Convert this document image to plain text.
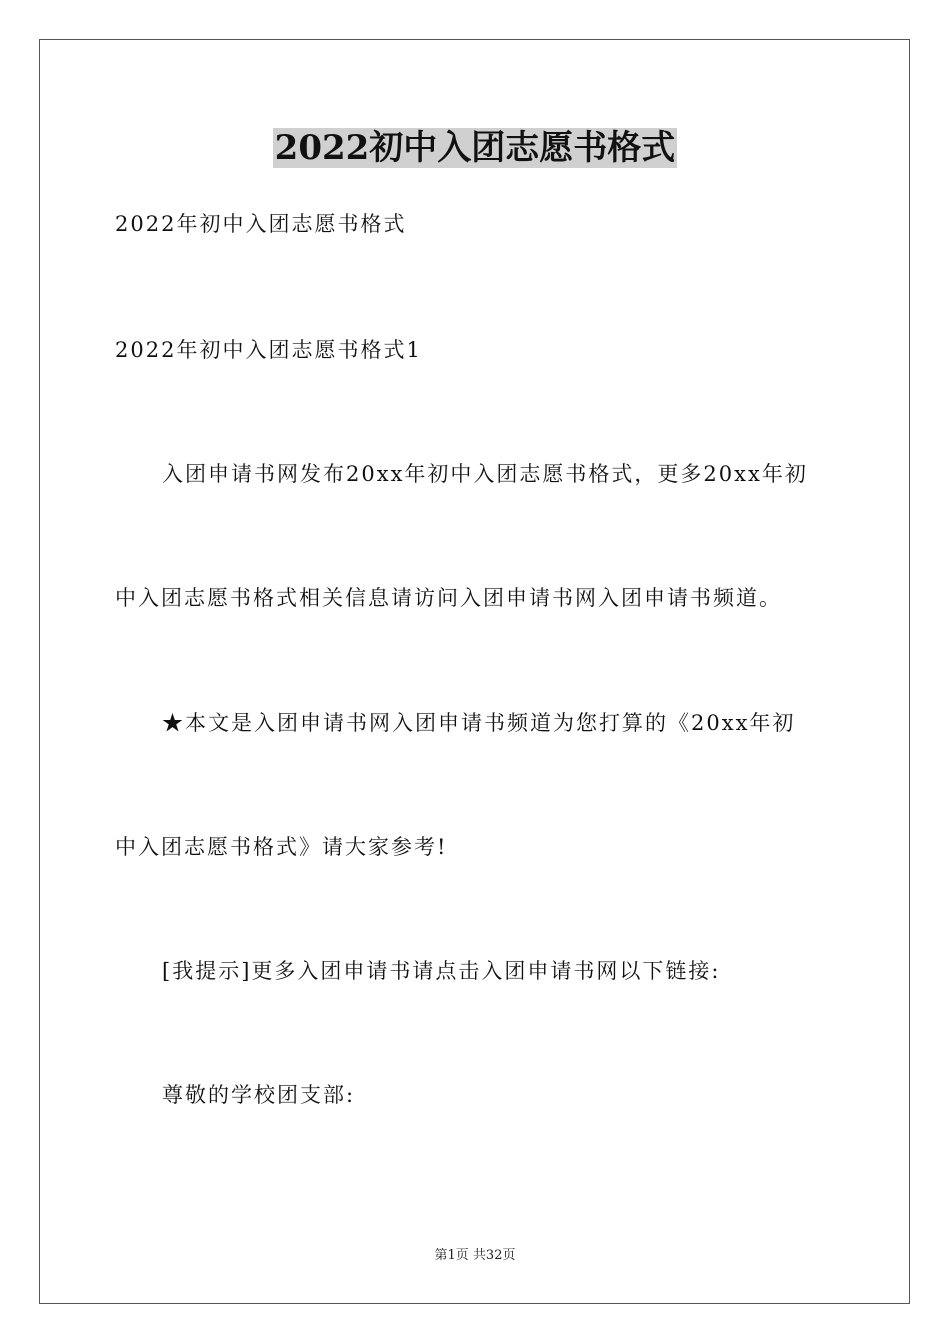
2022初中入团志愿书格式
2022年初中入团志愿书格式
2022年初中入团志愿书格式1
入团申请书网发布20xx年初中入团志愿书格式，更多20xx年初
中入团志愿书格式相关信息请访问入团申请书网入团申请书频道。
★本文是入团申请书网入团申请书频道为您打算的《20xx年初
中入团志愿书格式》请大家参考!
[我提示]更多入团申请书请点击入团申请书网以下链接:
尊敬的学校团支部:
第1页 共32页
